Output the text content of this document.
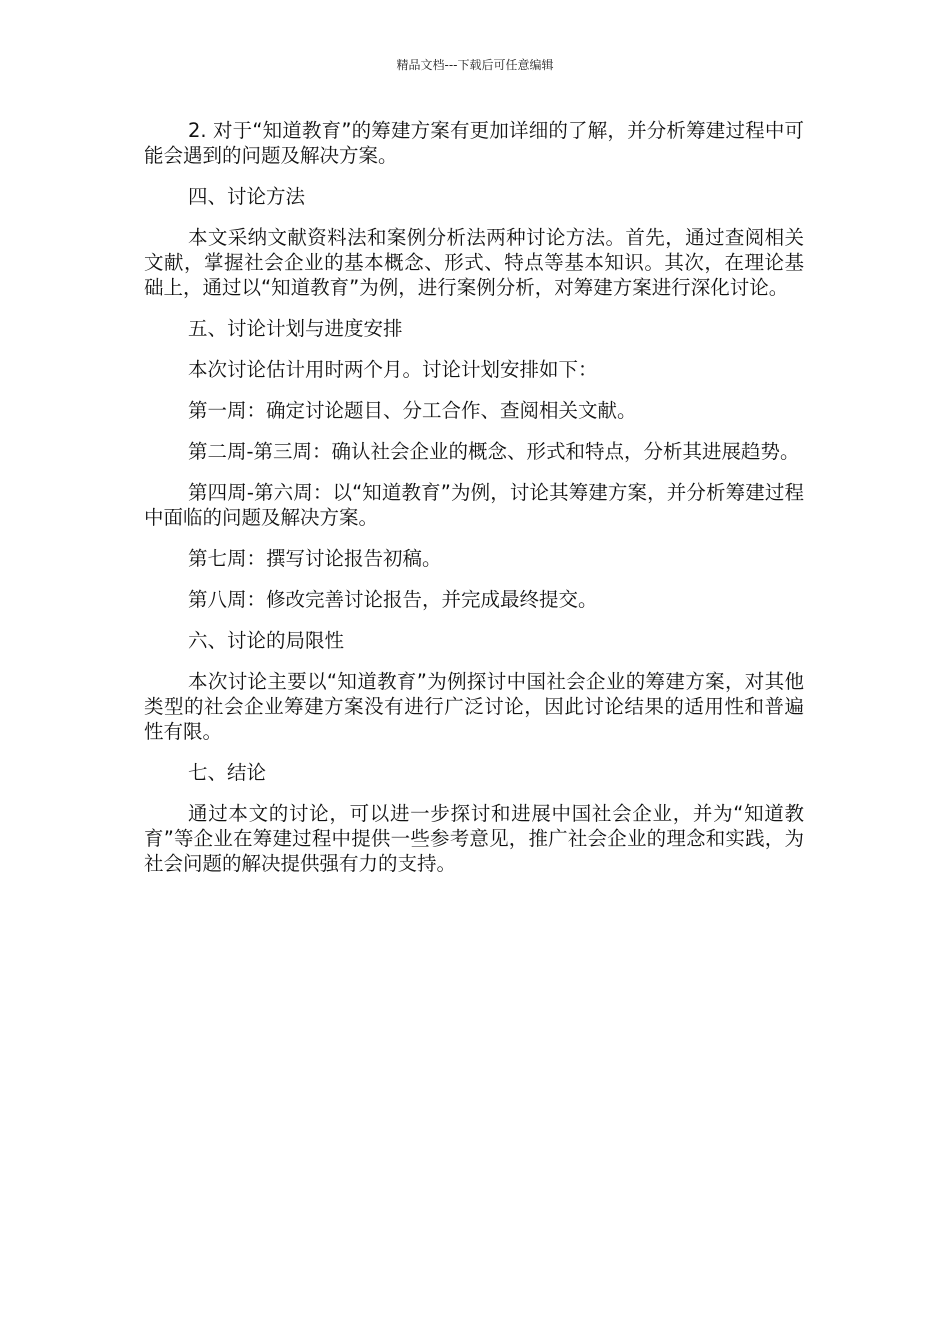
精品文档---下载后可任意编辑

2. 对于“知道教育”的筹建方案有更加详细的了解，并分析筹建过程中可能会遇到的问题及解决方案。

四、讨论方法

本文采纳文献资料法和案例分析法两种讨论方法。首先，通过查阅相关文献，掌握社会企业的基本概念、形式、特点等基本知识。其次，在理论基础上，通过以“知道教育”为例，进行案例分析，对筹建方案进行深化讨论。

五、讨论计划与进度安排

本次讨论估计用时两个月。讨论计划安排如下：

第一周：确定讨论题目、分工合作、查阅相关文献。

第二周-第三周：确认社会企业的概念、形式和特点，分析其进展趋势。

第四周-第六周：以“知道教育”为例，讨论其筹建方案，并分析筹建过程中面临的问题及解决方案。

第七周：撰写讨论报告初稿。

第八周：修改完善讨论报告，并完成最终提交。

六、讨论的局限性

本次讨论主要以“知道教育”为例探讨中国社会企业的筹建方案，对其他类型的社会企业筹建方案没有进行广泛讨论，因此讨论结果的适用性和普遍性有限。

七、结论

通过本文的讨论，可以进一步探讨和进展中国社会企业，并为“知道教育”等企业在筹建过程中提供一些参考意见，推广社会企业的理念和实践，为社会问题的解决提供强有力的支持。
